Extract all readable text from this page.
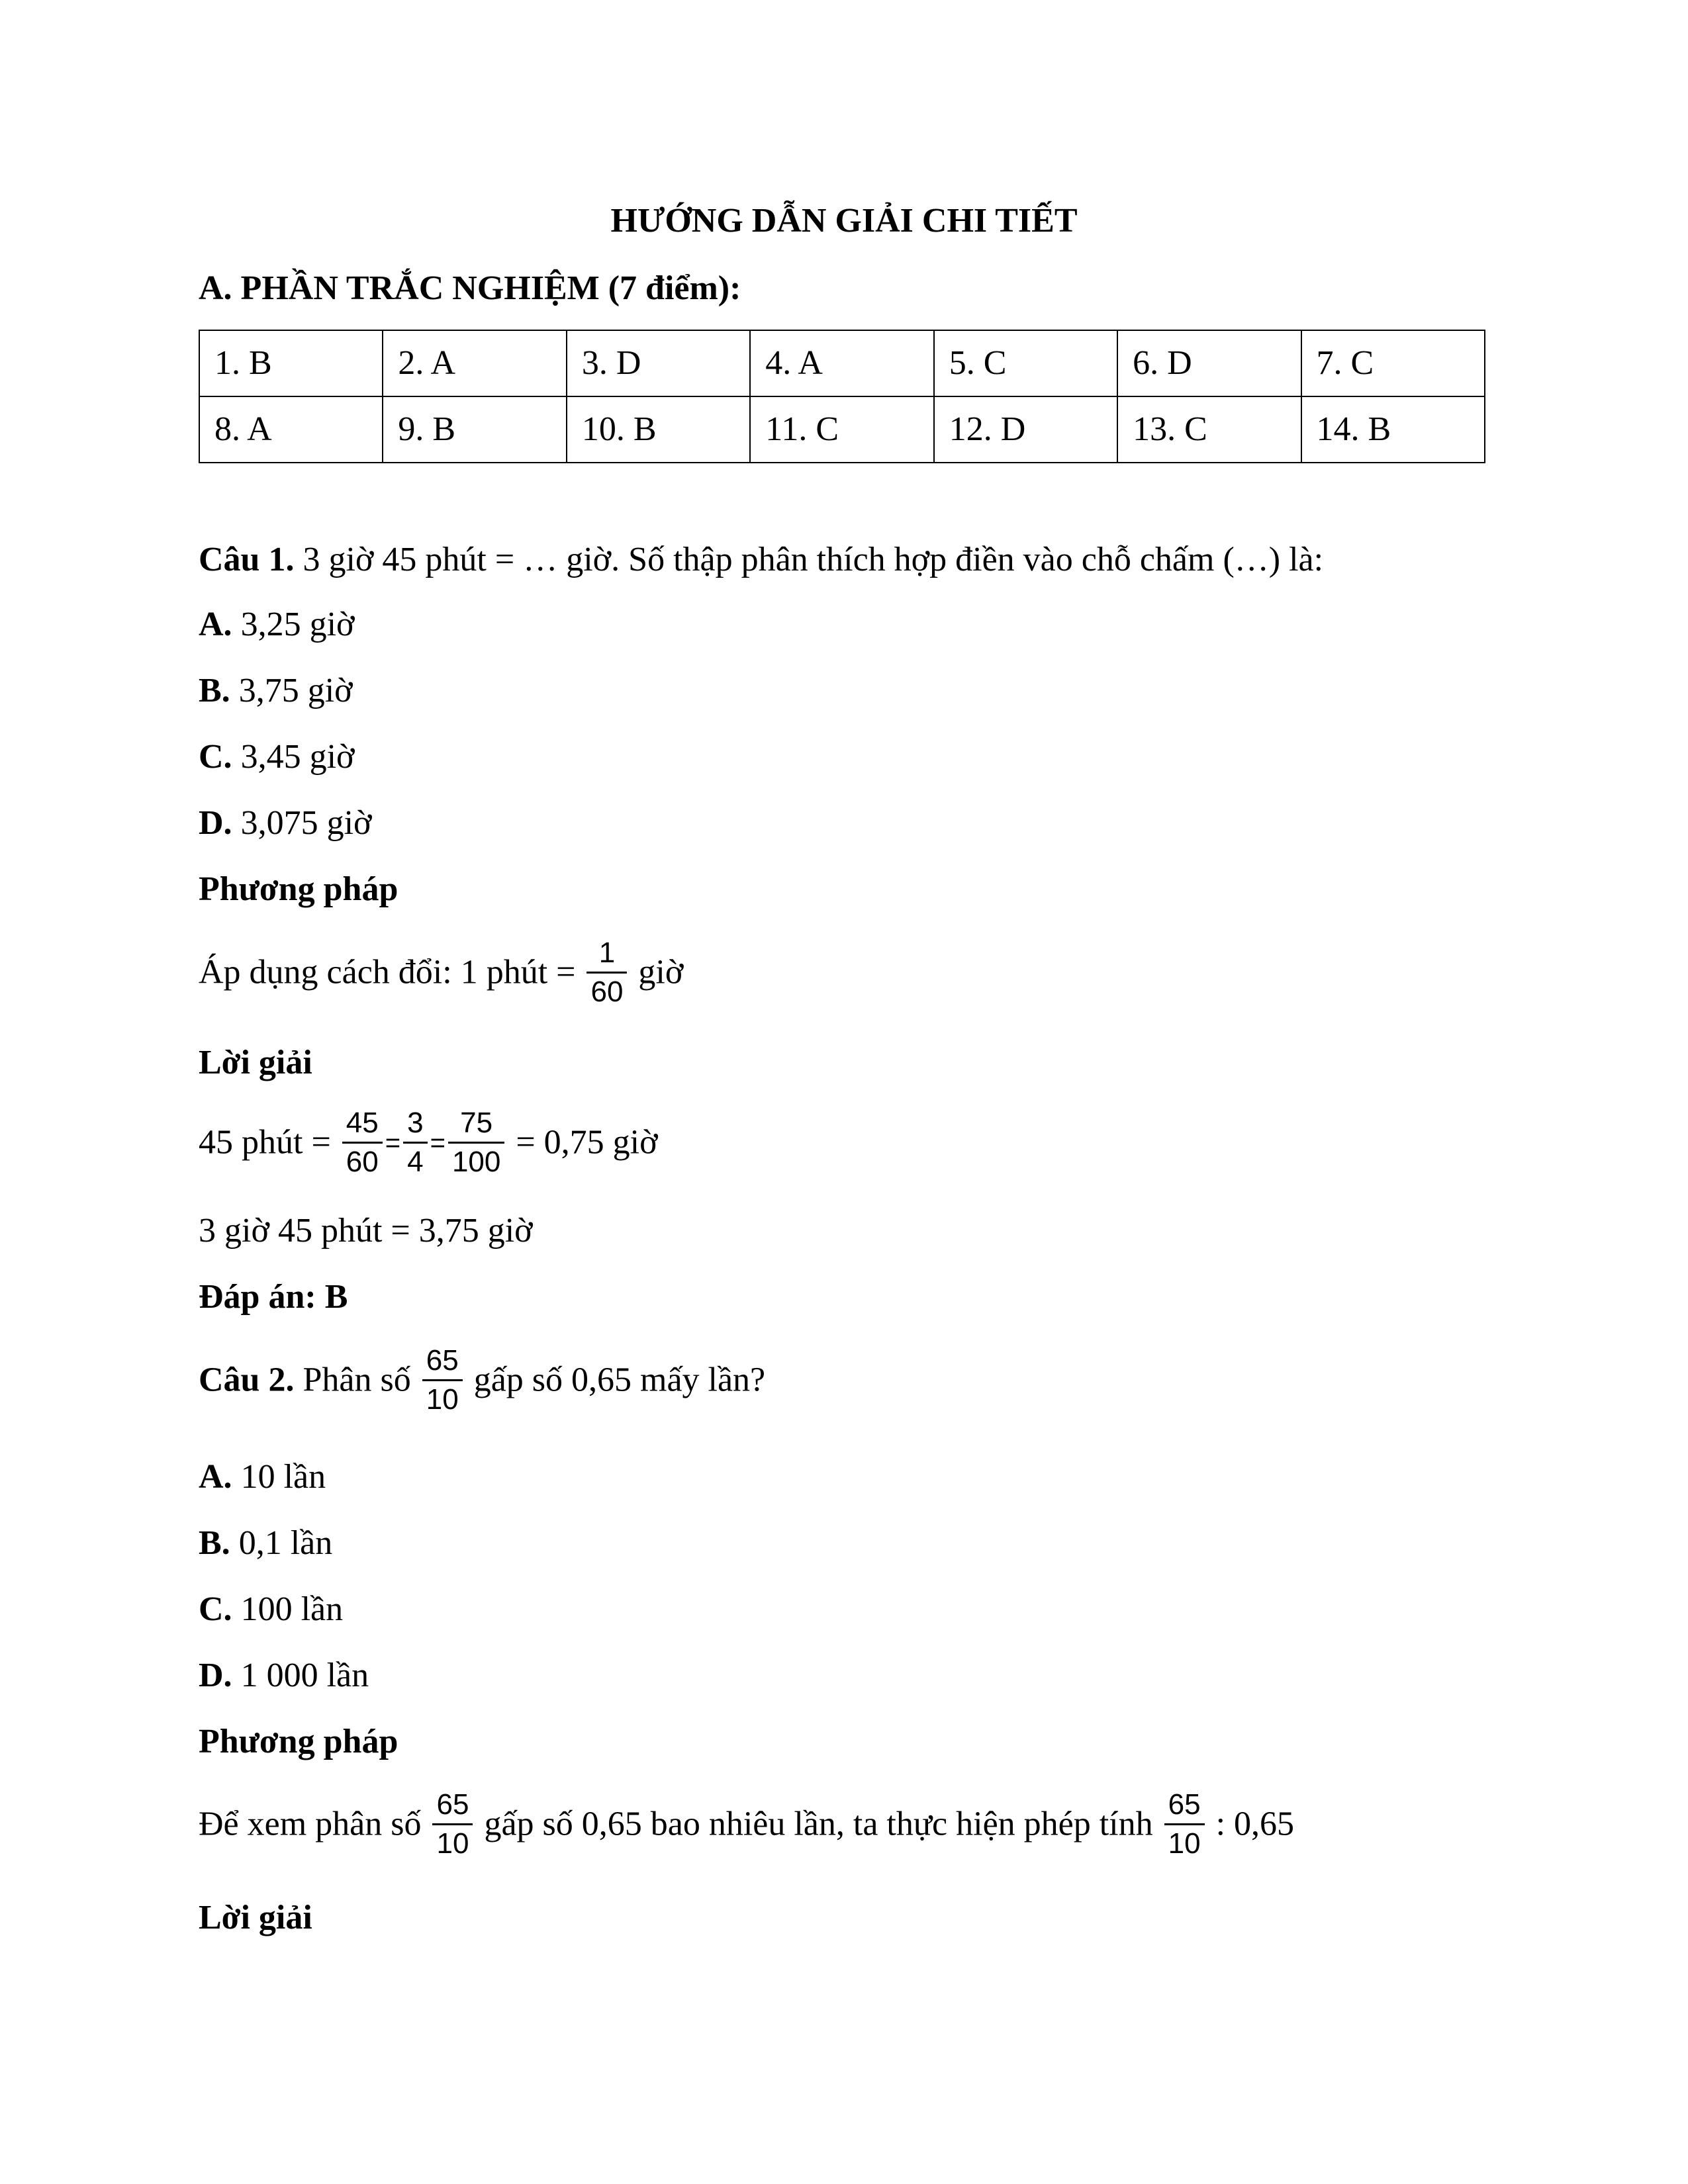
HƯỚNG DẪN GIẢI CHI TIẾT
A. PHẦN TRẮC NGHIỆM (7 điểm):
1. B	2. A	3. D	4. A	5. C	6. D	7. C
8. A	9. B	10. B	11. C	12. D	13. C	14. B
Câu 1. 3 giờ 45 phút = … giờ. Số thập phân thích hợp điền vào chỗ chấm (…) là:
A. 3,25 giờ
B. 3,75 giờ
C. 3,45 giờ
D. 3,075 giờ
Phương pháp
Áp dụng cách đổi: 1 phút = $\frac{1}{60}$ giờ
Lời giải
45 phút = $\frac{45}{60} = \frac{3}{4} = \frac{75}{100} = 0,75$ giờ
3 giờ 45 phút = 3,75 giờ
Đáp án: B
Câu 2. Phân số $\frac{65}{10}$ gấp số 0,65 mấy lần?
A. 10 lần
B. 0,1 lần
C. 100 lần
D. 1 000 lần
Phương pháp
Để xem phân số $\frac{65}{10}$ gấp số 0,65 bao nhiêu lần, ta thực hiện phép tính $\frac{65}{10}$ : 0,65
Lời giải
